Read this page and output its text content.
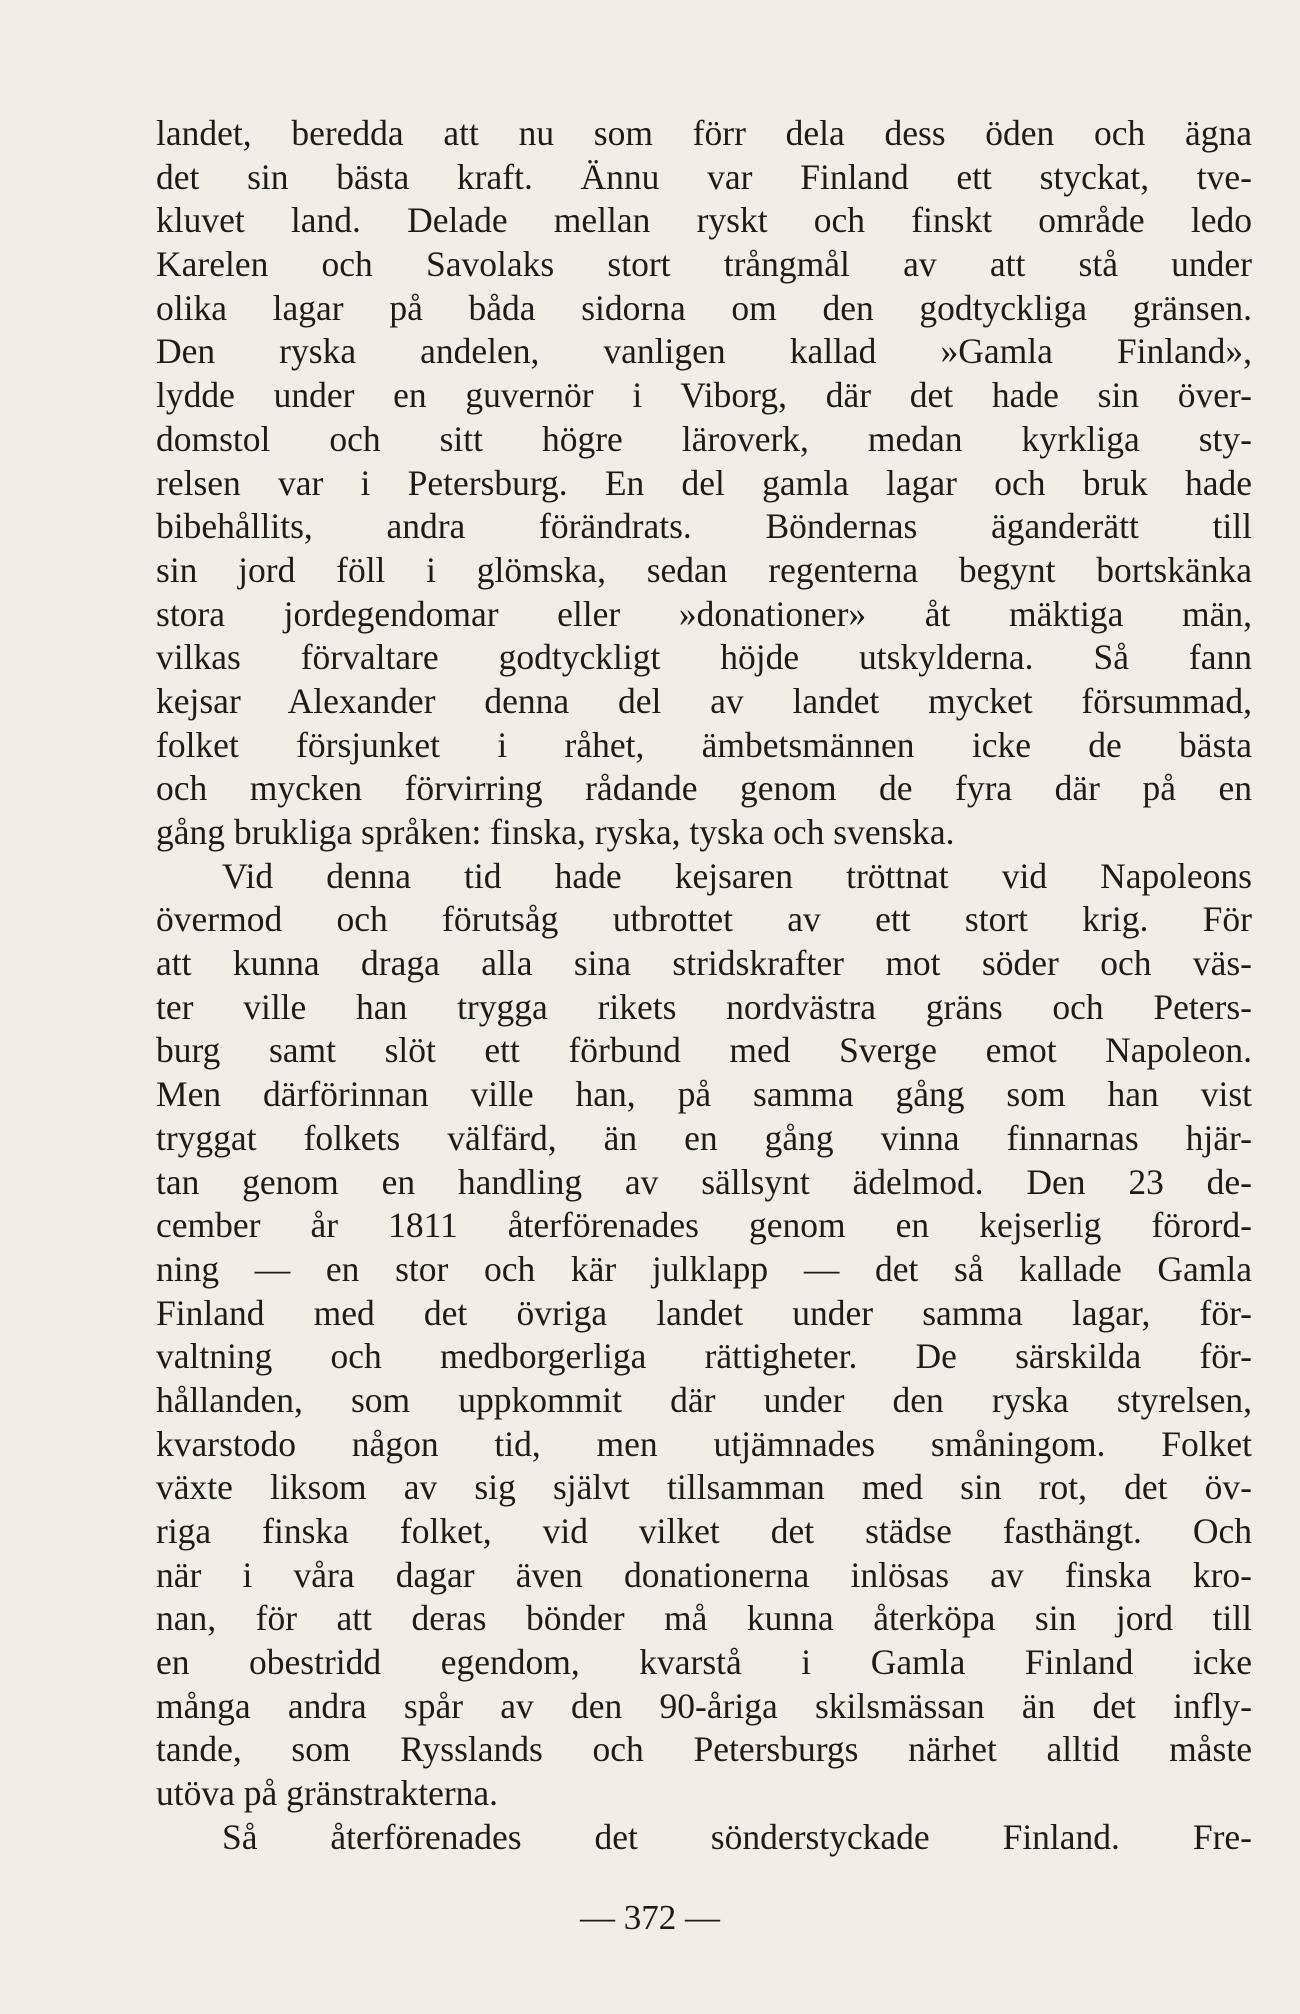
landet, beredda att nu som förr dela dess öden och ägna
det sin bästa kraft. Ännu var Finland ett styckat, tve-
kluvet land. Delade mellan ryskt och finskt område ledo
Karelen och Savolaks stort trångmål av att stå under
olika lagar på båda sidorna om den godtyckliga gränsen.
Den ryska andelen, vanligen kallad »Gamla Finland»,
lydde under en guvernör i Viborg, där det hade sin över-
domstol och sitt högre läroverk, medan kyrkliga sty-
relsen var i Petersburg. En del gamla lagar och bruk hade
bibehållits, andra förändrats. Böndernas äganderätt till
sin jord föll i glömska, sedan regenterna begynt bortskänka
stora jordegendomar eller »donationer» åt mäktiga män,
vilkas förvaltare godtyckligt höjde utskylderna. Så fann
kejsar Alexander denna del av landet mycket försummad,
folket försjunket i råhet, ämbetsmännen icke de bästa
och mycken förvirring rådande genom de fyra där på en
gång brukliga språken: finska, ryska, tyska och svenska.
Vid denna tid hade kejsaren tröttnat vid Napoleons
övermod och förutsåg utbrottet av ett stort krig. För
att kunna draga alla sina stridskrafter mot söder och väs-
ter ville han trygga rikets nordvästra gräns och Peters-
burg samt slöt ett förbund med Sverge emot Napoleon.
Men därförinnan ville han, på samma gång som han vist
tryggat folkets välfärd, än en gång vinna finnarnas hjär-
tan genom en handling av sällsynt ädelmod. Den 23 de-
cember år 1811 återförenades genom en kejserlig förord-
ning — en stor och kär julklapp — det så kallade Gamla
Finland med det övriga landet under samma lagar, för-
valtning och medborgerliga rättigheter. De särskilda för-
hållanden, som uppkommit där under den ryska styrelsen,
kvarstodo någon tid, men utjämnades småningom. Folket
växte liksom av sig självt tillsamman med sin rot, det öv-
riga finska folket, vid vilket det städse fasthängt. Och
när i våra dagar även donationerna inlösas av finska kro-
nan, för att deras bönder må kunna återköpa sin jord till
en obestridd egendom, kvarstå i Gamla Finland icke
många andra spår av den 90-åriga skilsmässan än det infly-
tande, som Rysslands och Petersburgs närhet alltid måste
utöva på gränstrakterna.
Så återförenades det sönderstyckade Finland. Fre-
— 372 —
